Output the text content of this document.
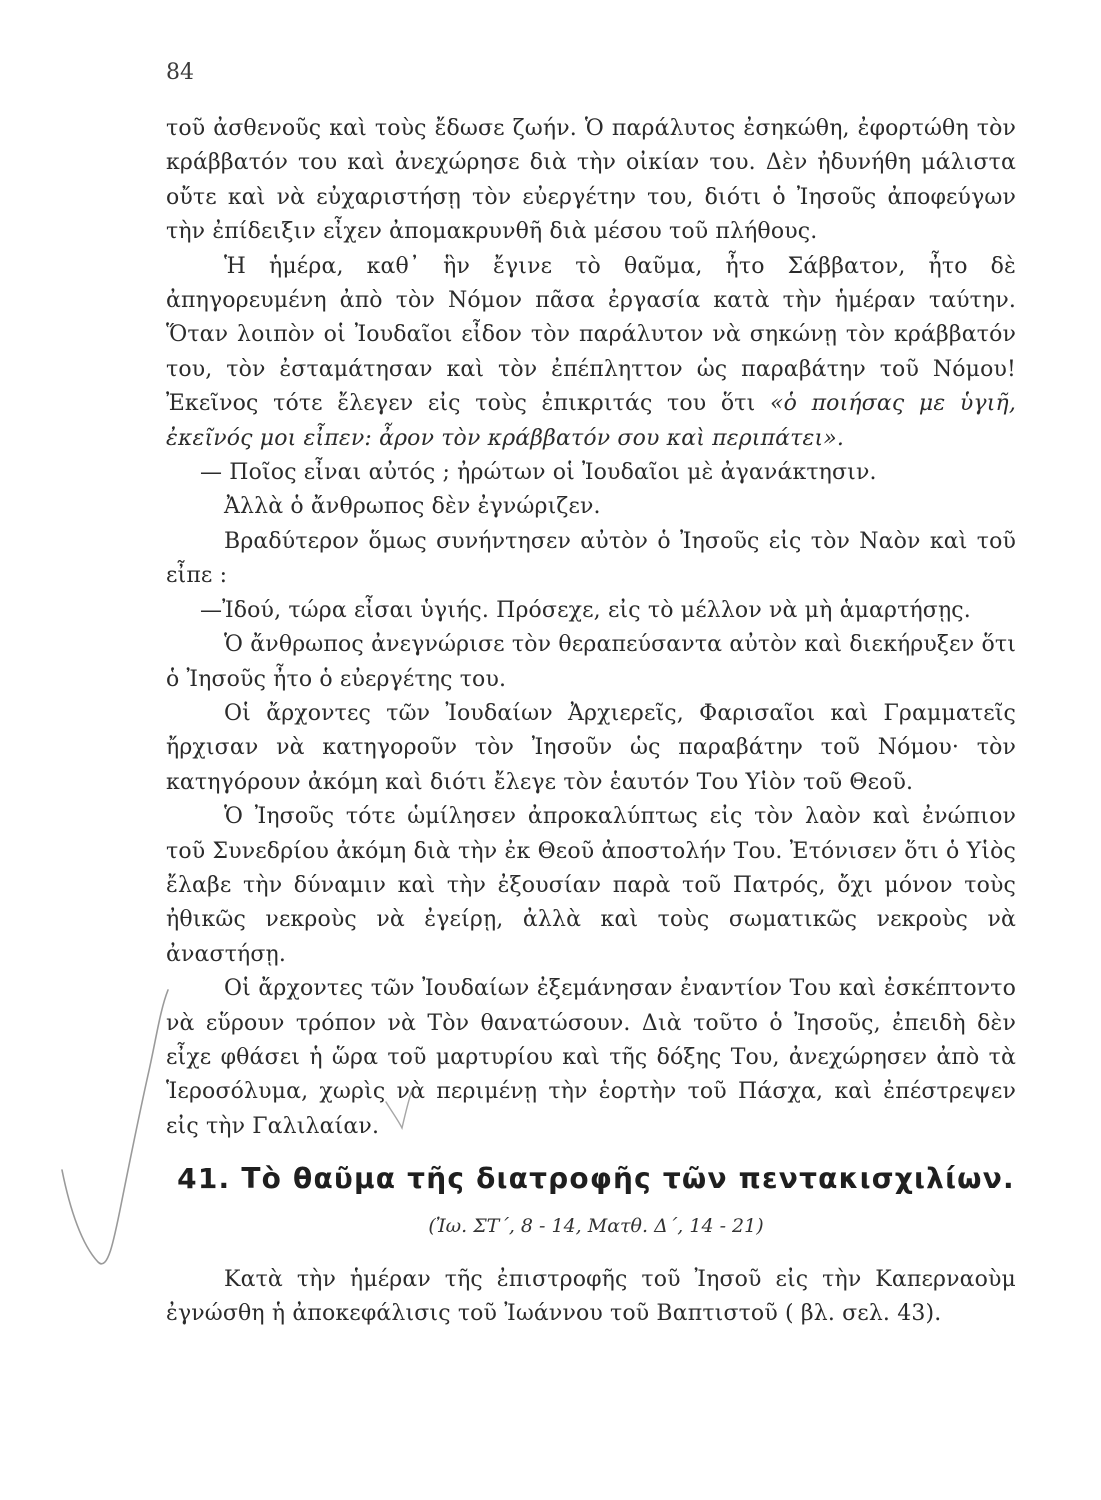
84

τοῦ ἀσθενοῦς καὶ τοὺς ἔδωσε ζωήν. Ὁ παράλυτος ἐσηκώθη, ἐφορτώθη τὸν κράββατόν του καὶ ἀνεχώρησε διὰ τὴν οἰκίαν του. Δὲν ἠδυνήθη μάλιστα οὔτε καὶ νὰ εὐχαριστήσῃ τὸν εὐεργέτην του, διότι ὁ Ἰησοῦς ἀποφεύγων τὴν ἐπίδειξιν εἶχεν ἀπομακρυνθῆ διὰ μέσου τοῦ πλήθους.

Ἡ ἡμέρα, καθ᾽ ἣν ἔγινε τὸ θαῦμα, ἦτο Σάββατον, ἦτο δὲ ἀπηγορευμένη ἀπὸ τὸν Νόμον πᾶσα ἐργασία κατὰ τὴν ἡμέραν ταύτην. Ὅταν λοιπὸν οἱ Ἰουδαῖοι εἶδον τὸν παράλυτον νὰ σηκώνῃ τὸν κράββατόν του, τὸν ἐσταμάτησαν καὶ τὸν ἐπέπληττον ὡς παραβάτην τοῦ Νόμου! Ἐκεῖνος τότε ἔλεγεν εἰς τοὺς ἐπικριτάς του ὅτι «ὁ ποιήσας με ὑγιῆ, ἐκεῖνός μοι εἶπεν: ἆρον τὸν κράββατόν σου καὶ περιπάτει».

— Ποῖος εἶναι αὐτός ; ἠρώτων οἱ Ἰουδαῖοι μὲ ἀγανάκτησιν.

Ἀλλὰ ὁ ἄνθρωπος δὲν ἐγνώριζεν.

Βραδύτερον ὅμως συνήντησεν αὐτὸν ὁ Ἰησοῦς εἰς τὸν Ναὸν καὶ τοῦ εἶπε :

—Ἰδού, τώρα εἶσαι ὑγιής. Πρόσεχε, εἰς τὸ μέλλον νὰ μὴ ἁμαρτήσῃς.

Ὁ ἄνθρωπος ἀνεγνώρισε τὸν θεραπεύσαντα αὐτὸν καὶ διεκήρυξεν ὅτι ὁ Ἰησοῦς ἦτο ὁ εὐεργέτης του.

Οἱ ἄρχοντες τῶν Ἰουδαίων Ἀρχιερεῖς, Φαρισαῖοι καὶ Γραμματεῖς ἤρχισαν νὰ κατηγοροῦν τὸν Ἰησοῦν ὡς παραβάτην τοῦ Νόμου· τὸν κατηγόρουν ἀκόμη καὶ διότι ἔλεγε τὸν ἑαυτόν Του Υἱὸν τοῦ Θεοῦ.

Ὁ Ἰησοῦς τότε ὡμίλησεν ἀπροκαλύπτως εἰς τὸν λαὸν καὶ ἐνώπιον τοῦ Συνεδρίου ἀκόμη διὰ τὴν ἐκ Θεοῦ ἀποστολήν Του. Ἐτόνισεν ὅτι ὁ Υἱὸς ἔλαβε τὴν δύναμιν καὶ τὴν ἐξουσίαν παρὰ τοῦ Πατρός, ὄχι μόνον τοὺς ἠθικῶς νεκροὺς νὰ ἐγείρῃ, ἀλλὰ καὶ τοὺς σωματικῶς νεκροὺς νὰ ἀναστήσῃ.

Οἱ ἄρχοντες τῶν Ἰουδαίων ἐξεμάνησαν ἐναντίον Του καὶ ἐσκέπτοντο νὰ εὕρουν τρόπον νὰ Τὸν θανατώσουν. Διὰ τοῦτο ὁ Ἰησοῦς, ἐπειδὴ δὲν εἶχε φθάσει ἡ ὥρα τοῦ μαρτυρίου καὶ τῆς δόξης Του, ἀνεχώρησεν ἀπὸ τὰ Ἱεροσόλυμα, χωρὶς νὰ περιμένῃ τὴν ἑορτὴν τοῦ Πάσχα, καὶ ἐπέστρεψεν εἰς τὴν Γαλιλαίαν.

41. Τὸ θαῦμα τῆς διατροφῆς τῶν πεντακισχιλίων.

(Ἰω. ΣΤ΄, 8 - 14, Ματθ. Δ΄, 14 - 21)

Κατὰ τὴν ἡμέραν τῆς ἐπιστροφῆς τοῦ Ἰησοῦ εἰς τὴν Καπερναοὺμ ἐγνώσθη ἡ ἀποκεφάλισις τοῦ Ἰωάννου τοῦ Βαπτιστοῦ ( βλ. σελ. 43).
